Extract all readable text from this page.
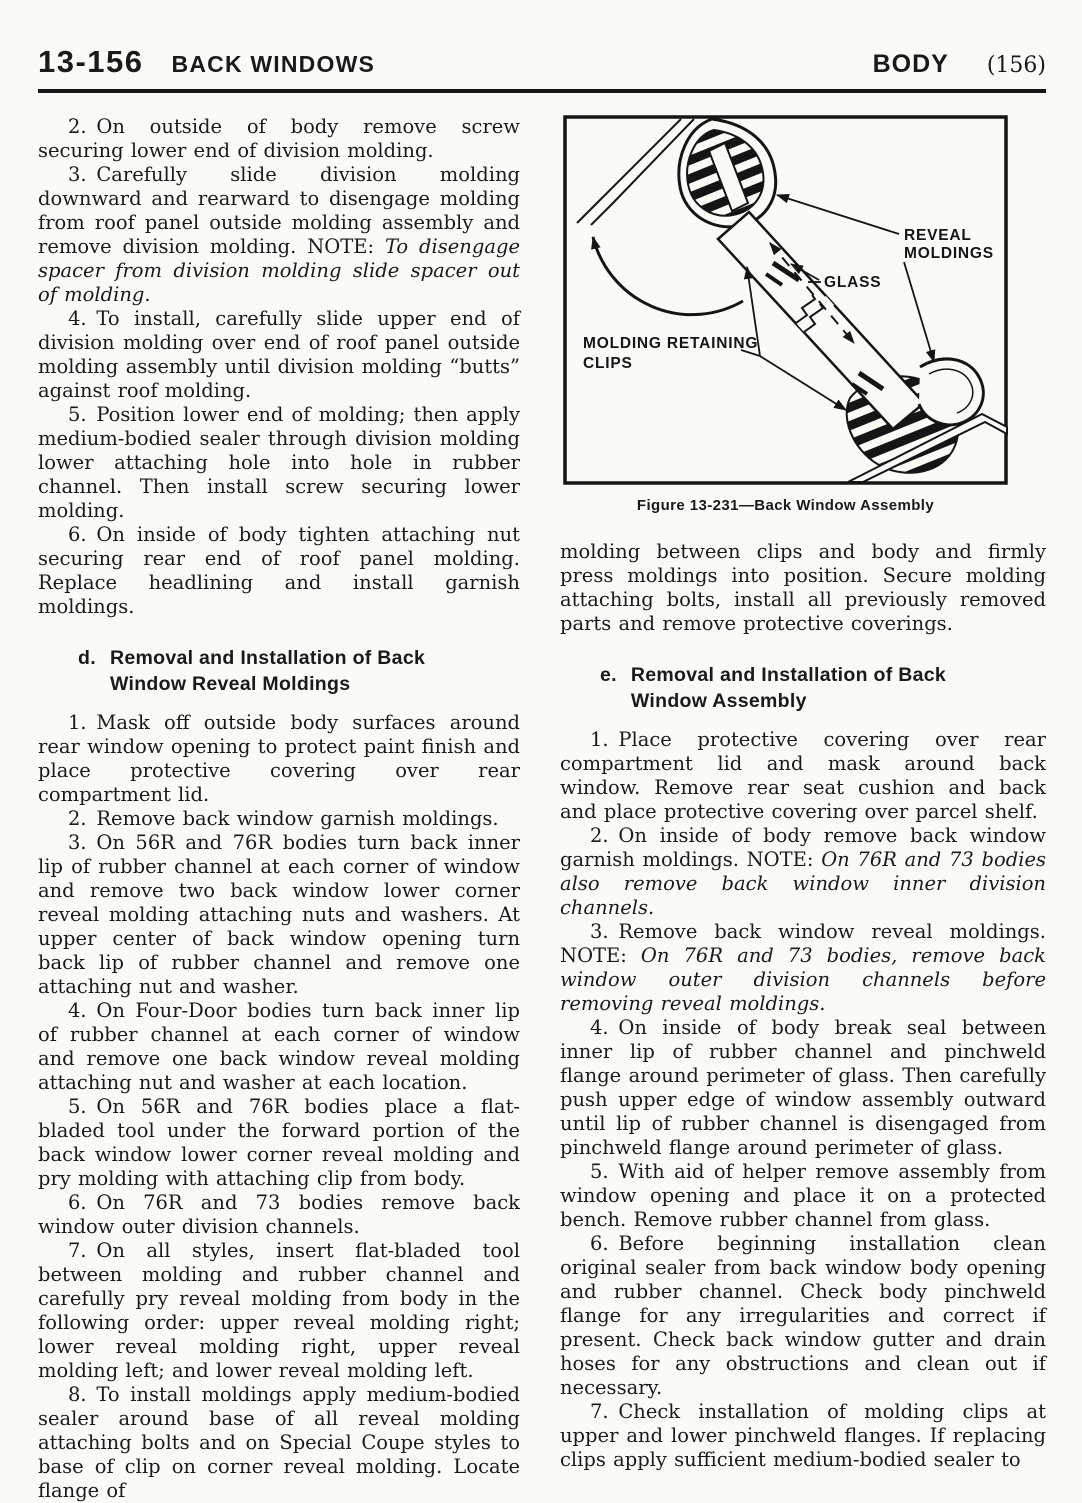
13-156 BACK WINDOWS	BODY (156)

2. On outside of body remove screw securing lower end of division molding.

3. Carefully slide division molding downward and rearward to disengage molding from roof panel outside molding assembly and remove division molding. NOTE: To disengage spacer from division molding slide spacer out of molding.

4. To install, carefully slide upper end of division molding over end of roof panel outside molding assembly until division molding “butts” against roof molding.

5. Position lower end of molding; then apply medium-bodied sealer through division molding lower attaching hole into hole in rubber channel. Then install screw securing lower molding.

6. On inside of body tighten attaching nut securing rear end of roof panel molding. Replace headlining and install garnish moldings.

d. Removal and Installation of Back
Window Reveal Moldings

1. Mask off outside body surfaces around rear window opening to protect paint finish and place protective covering over rear compartment lid.

2. Remove back window garnish moldings.

3. On 56R and 76R bodies turn back inner lip of rubber channel at each corner of window and remove two back window lower corner reveal molding attaching nuts and washers. At upper center of back window opening turn back lip of rubber channel and remove one attaching nut and washer.

4. On Four-Door bodies turn back inner lip of rubber channel at each corner of window and remove one back window reveal molding attaching nut and washer at each location.

5. On 56R and 76R bodies place a flat-bladed tool under the forward portion of the back window lower corner reveal molding and pry molding with attaching clip from body.

6. On 76R and 73 bodies remove back window outer division channels.

7. On all styles, insert flat-bladed tool between molding and rubber channel and carefully pry reveal molding from body in the following order: upper reveal molding right; lower reveal molding right, upper reveal molding left; and lower reveal molding left.

8. To install moldings apply medium-bodied sealer around base of all reveal molding attaching bolts and on Special Coupe styles to base of clip on corner reveal molding. Locate flange of

REVEAL
MOLDINGS
GLASS
MOLDING RETAINING
CLIPS
Figure 13-231—Back Window Assembly

molding between clips and body and firmly press moldings into position. Secure molding attaching bolts, install all previously removed parts and remove protective coverings.

e. Removal and Installation of Back
Window Assembly

1. Place protective covering over rear compartment lid and mask around back window. Remove rear seat cushion and back and place protective covering over parcel shelf.

2. On inside of body remove back window garnish moldings. NOTE: On 76R and 73 bodies also remove back window inner division channels.

3. Remove back window reveal moldings. NOTE: On 76R and 73 bodies, remove back window outer division channels before removing reveal moldings.

4. On inside of body break seal between inner lip of rubber channel and pinchweld flange around perimeter of glass. Then carefully push upper edge of window assembly outward until lip of rubber channel is disengaged from pinchweld flange around perimeter of glass.

5. With aid of helper remove assembly from window opening and place it on a protected bench. Remove rubber channel from glass.

6. Before beginning installation clean original sealer from back window body opening and rubber channel. Check body pinchweld flange for any irregularities and correct if present. Check back window gutter and drain hoses for any obstructions and clean out if necessary.

7. Check installation of molding clips at upper and lower pinchweld flanges. If replacing clips apply sufficient medium-bodied sealer to
